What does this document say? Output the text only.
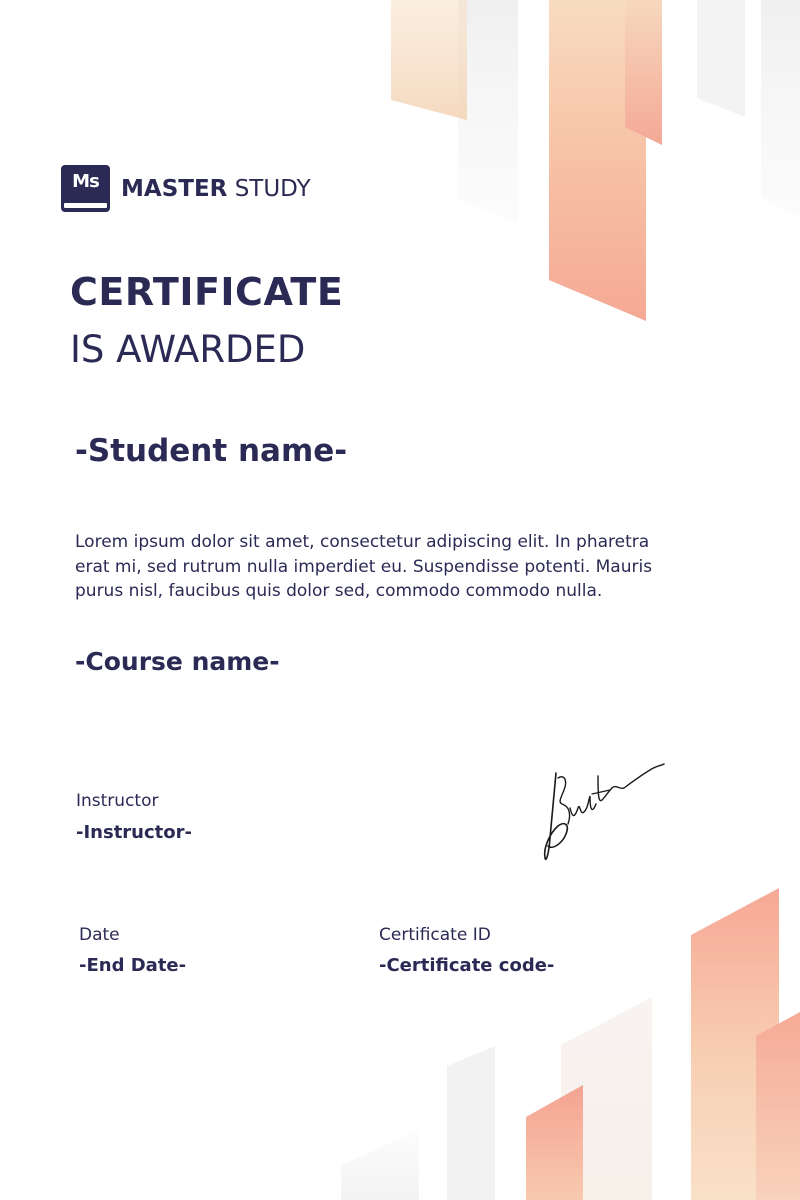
Ms MASTER STUDY
CERTIFICATE
IS AWARDED
-Student name-
Lorem ipsum dolor sit amet, consectetur adipiscing elit. In pharetra erat mi, sed rutrum nulla imperdiet eu. Suspendisse potenti. Mauris purus nisl, faucibus quis dolor sed, commodo commodo nulla.
-Course name-
Instructor
-Instructor-
Date
-End Date-
Certificate ID
-Certificate code-
